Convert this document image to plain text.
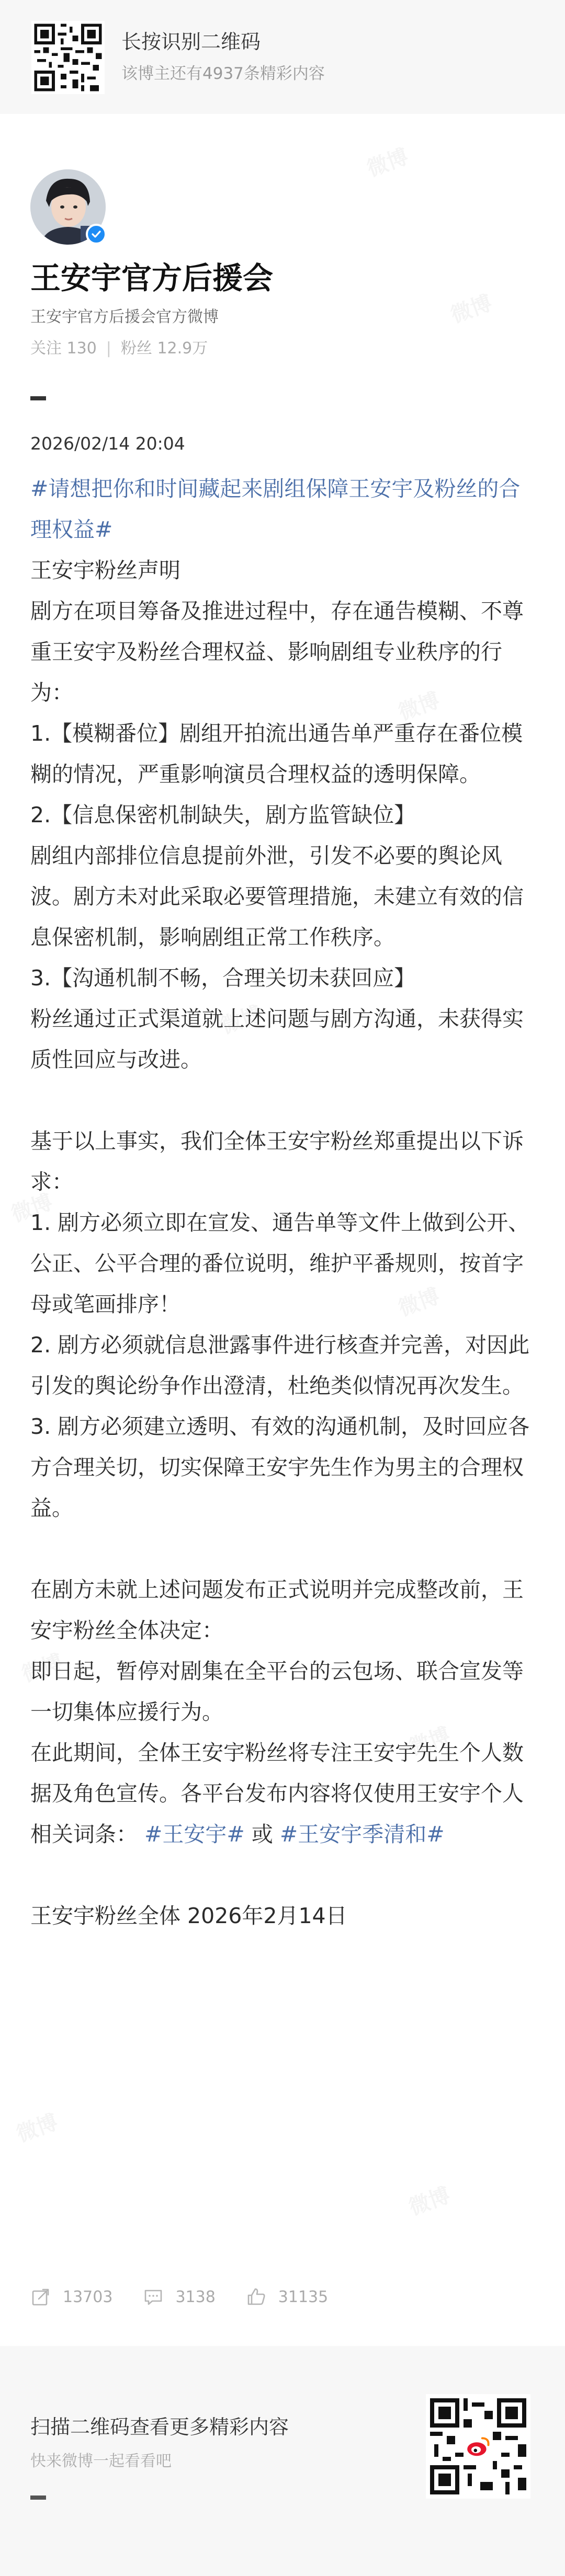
长按识别二维码
该博主还有4937条精彩内容
王安宇官方后援会
王安宇官方后援会官方微博
关注 130 | 粉丝 12.9万
2026/02/14 20:04

#请想把你和时间藏起来剧组保障王安宇及粉丝的合理权益#

王安宇粉丝声明

剧方在项目筹备及推进过程中，存在通告模糊、不尊重王安宇及粉丝合理权益、影响剧组专业秩序的行为：

1.【模糊番位】剧组开拍流出通告单严重存在番位模糊的情况，严重影响演员合理权益的透明保障。

2.【信息保密机制缺失，剧方监管缺位】

剧组内部排位信息提前外泄，引发不必要的舆论风波。剧方未对此采取必要管理措施，未建立有效的信息保密机制，影响剧组正常工作秩序。

3.【沟通机制不畅，合理关切未获回应】

粉丝通过正式渠道就上述问题与剧方沟通，未获得实质性回应与改进。

基于以上事实，我们全体王安宇粉丝郑重提出以下诉求：

1. 剧方必须立即在宣发、通告单等文件上做到公开、公正、公平合理的番位说明，维护平番规则，按首字母或笔画排序！

2. 剧方必须就信息泄露事件进行核查并完善，对因此引发的舆论纷争作出澄清，杜绝类似情况再次发生。

3. 剧方必须建立透明、有效的沟通机制，及时回应各方合理关切，切实保障王安宇先生作为男主的合理权益。

在剧方未就上述问题发布正式说明并完成整改前，王安宇粉丝全体决定：

即日起，暂停对剧集在全平台的云包场、联合宣发等一切集体应援行为。

在此期间，全体王安宇粉丝将专注王安宇先生个人数据及角色宣传。各平台发布内容将仅使用王安宇个人相关词条： #王安宇# 或 #王安宇季清和#

王安宇粉丝全体 2026年2月14日

13703	3138	31135
扫描二维码查看更多精彩内容
快来微博一起看看吧
